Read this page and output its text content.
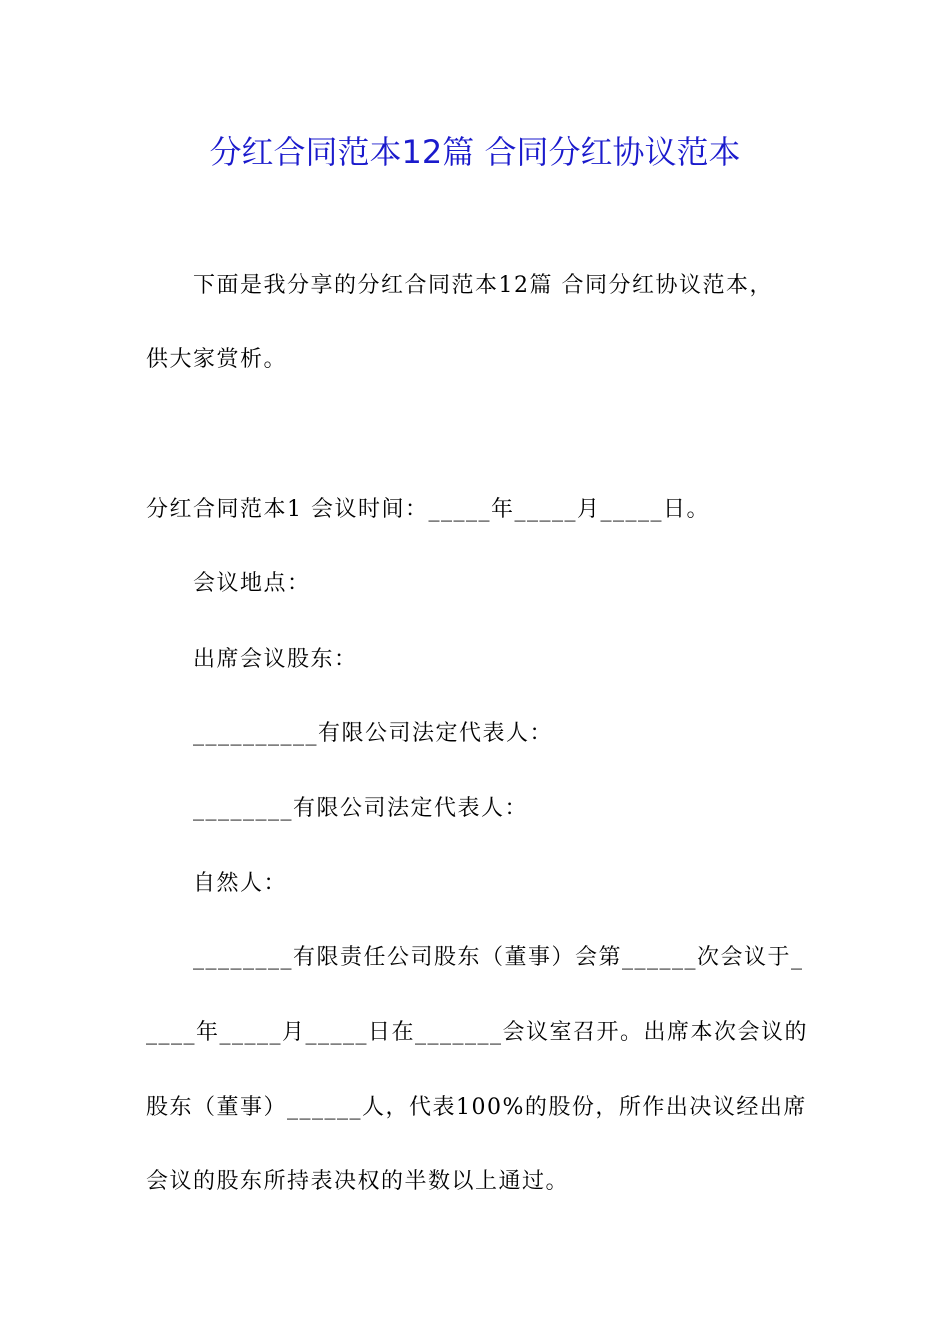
分红合同范本12篇 合同分红协议范本
下面是我分享的分红合同范本12篇 合同分红协议范本，
供大家赏析。
分红合同范本1 会议时间：_____年_____月_____日。
会议地点：
出席会议股东：
__________有限公司法定代表人：
________有限公司法定代表人：
自然人：
________有限责任公司股东（董事）会第______次会议于_
____年_____月_____日在_______会议室召开。出席本次会议的
股东（董事）______人，代表100%的股份，所作出决议经出席
会议的股东所持表决权的半数以上通过。
